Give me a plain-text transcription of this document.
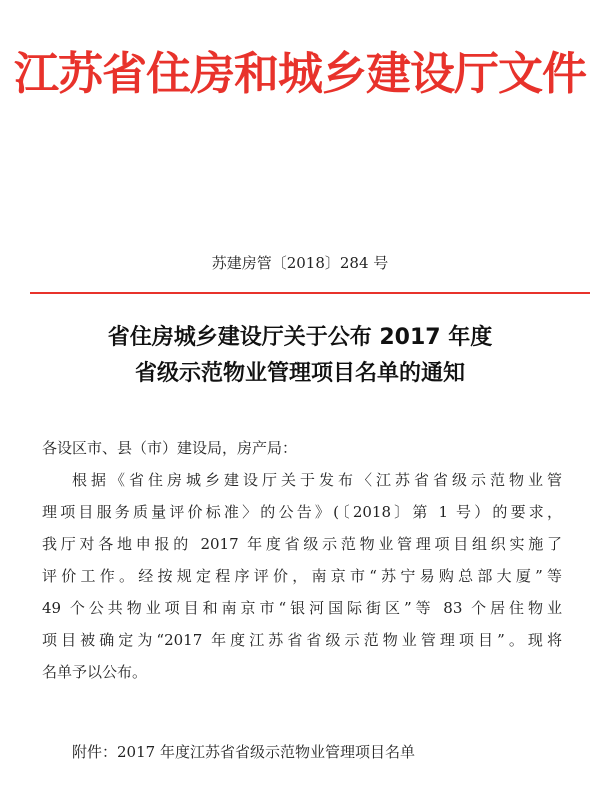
江苏省住房和城乡建设厅文件
苏建房管〔2018〕284 号
省住房城乡建设厅关于公布 2017 年度
省级示范物业管理项目名单的通知
各设区市、县（市）建设局，房产局：
根据《省住房城乡建设厅关于发布〈江苏省省级示范物业管
理项目服务质量评价标准〉的公告》(〔2018〕第 1 号）的要求，
我厅对各地申报的 2017 年度省级示范物业管理项目组织实施了
评价工作。经按规定程序评价，南京市“苏宁易购总部大厦”等
49 个公共物业项目和南京市“银河国际街区”等 83 个居住物业
项目被确定为“2017 年度江苏省省级示范物业管理项目”。现将
名单予以公布。
附件：2017 年度江苏省省级示范物业管理项目名单
